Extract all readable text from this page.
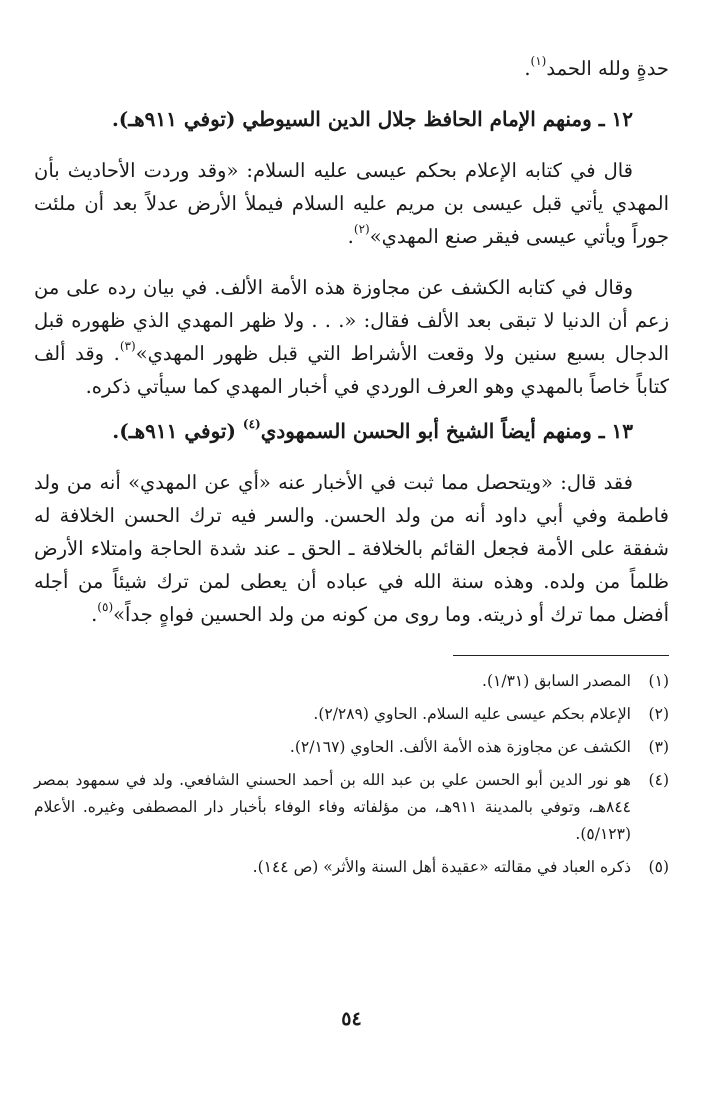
حدةٍ ولله الحمد$^{(١)}$.

١٢ ـ ومنهم الإمام الحافظ جلال الدين السيوطي (توفي ٩١١هـ).

قال في كتابه الإعلام بحكم عيسى عليه السلام: «وقد وردت الأحاديث بأن المهدي يأتي قبل عيسى بن مريم عليه السلام فيملأ الأرض عدلاً بعد أن ملئت جوراً ويأتي عيسى فيقر صنع المهدي»$^{(٢)}$.

وقال في كتابه الكشف عن مجاوزة هذه الأمة الألف. في بيان رده على من زعم أن الدنيا لا تبقى بعد الألف فقال: «. . . ولا ظهر المهدي الذي ظهوره قبل الدجال بسبع سنين ولا وقعت الأشراط التي قبل ظهور المهدي»$^{(٣)}$. وقد ألف كتاباً خاصاً بالمهدي وهو العرف الوردي في أخبار المهدي كما سيأتي ذكره.

١٣ ـ ومنهم أيضاً الشيخ أبو الحسن السمهودي$^{(٤)}$ (توفي ٩١١هـ).

فقد قال: «ويتحصل مما ثبت في الأخبار عنه «أي عن المهدي» أنه من ولد فاطمة وفي أبي داود أنه من ولد الحسن. والسر فيه ترك الحسن الخلافة له شفقة على الأمة فجعل القائم بالخلافة ـ الحق ـ عند شدة الحاجة وامتلاء الأرض ظلماً من ولده. وهذه سنة الله في عباده أن يعطى لمن ترك شيئاً من أجله أفضل مما ترك أو ذريته. وما روى من كونه من ولد الحسين فواهٍ جداً»$^{(٥)}$.

(١)
المصدر السابق (١/٣١).
(٢)
الإعلام بحكم عيسى عليه السلام. الحاوي (٢/٢٨٩).
(٣)
الكشف عن مجاوزة هذه الأمة الألف. الحاوي (٢/١٦٧).
(٤)
هو نور الدين أبو الحسن علي بن عبد الله بن أحمد الحسني الشافعي. ولد في سمهود بمصر ٨٤٤هـ، وتوفي بالمدينة ٩١١هـ، من مؤلفاته وفاء الوفاء بأخبار دار المصطفى وغيره. الأعلام (٥/١٢٣).
(٥)
ذكره العباد في مقالته «عقيدة أهل السنة والأثر» (ص ١٤٤).
٥٤
